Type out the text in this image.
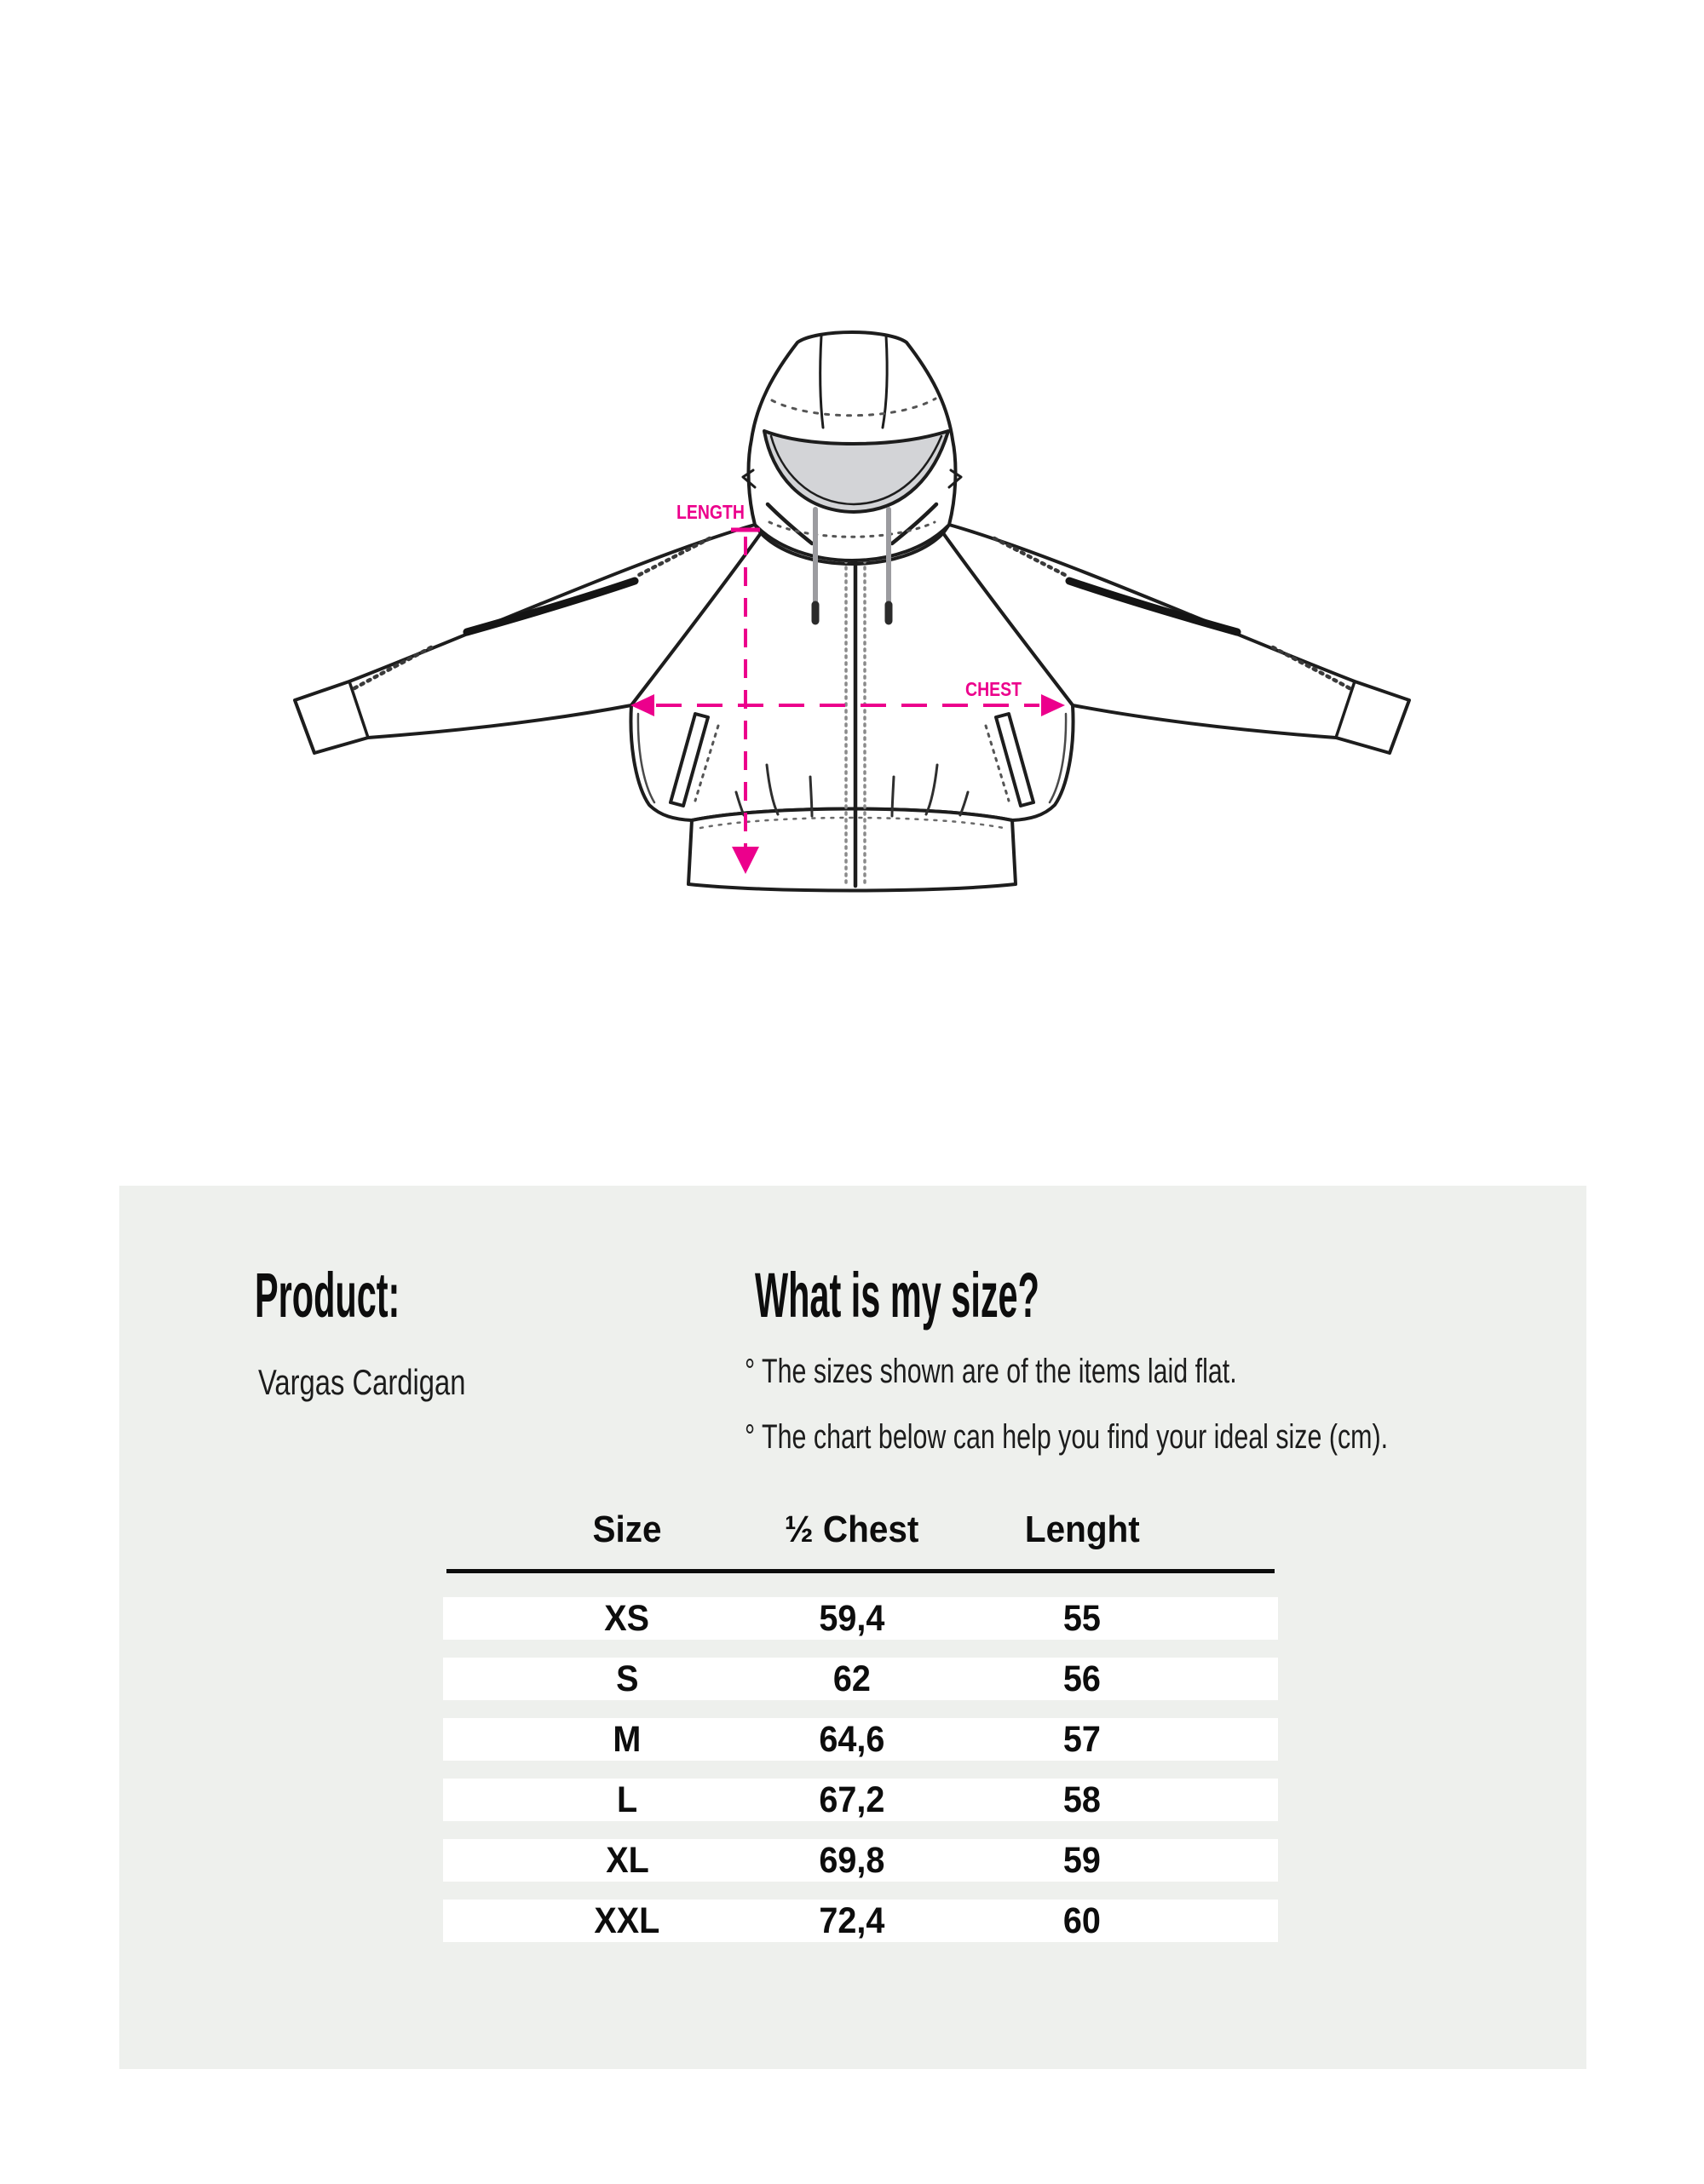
LENGTH
CHEST
Product:	What is my size?
Vargas Cardigan	° The sizes shown are of the items laid flat.
° The chart below can help you find your ideal size (cm).
Size	½ Chest	Lenght
XS	59,4	55
S	62	56
M	64,6	57
L	67,2	58
XL	69,8	59
XXL	72,4	60
